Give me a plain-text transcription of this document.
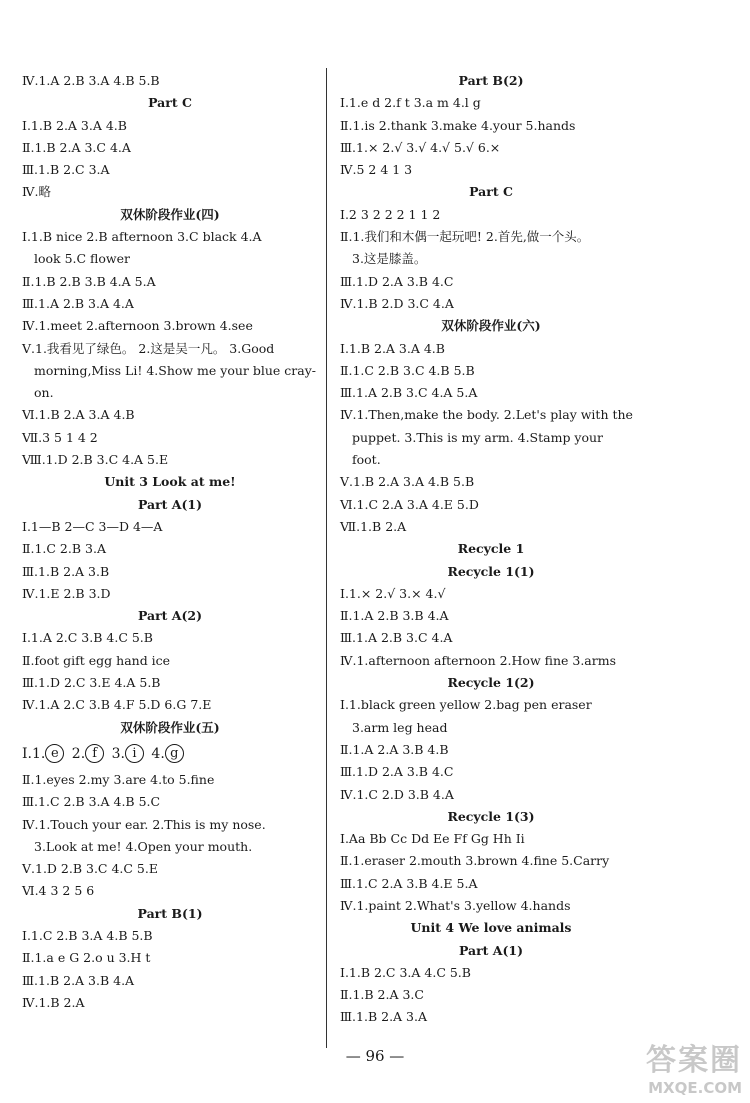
Ⅳ.1.A 2.B 3.A 4.B 5.B
Part C
Ⅰ.1.B 2.A 3.A 4.B
Ⅱ.1.B 2.A 3.C 4.A
Ⅲ.1.B 2.C 3.A
Ⅳ.略
双休阶段作业(四)
Ⅰ.1.B nice 2.B afternoon 3.C black 4.A
look 5.C flower
Ⅱ.1.B 2.B 3.B 4.A 5.A
Ⅲ.1.A 2.B 3.A 4.A
Ⅳ.1.meet 2.afternoon 3.brown 4.see
Ⅴ.1.我看见了绿色。 2.这是吴一凡。 3.Good
morning,Miss Li! 4.Show me your blue cray-
on.
Ⅵ.1.B 2.A 3.A 4.B
Ⅶ.3 5 1 4 2
Ⅷ.1.D 2.B 3.C 4.A 5.E
Unit 3 Look at me!
Part A(1)
Ⅰ.1—B 2—C 3—D 4—A
Ⅱ.1.C 2.B 3.A
Ⅲ.1.B 2.A 3.B
Ⅳ.1.E 2.B 3.D
Part A(2)
Ⅰ.1.A 2.C 3.B 4.C 5.B
Ⅱ.foot gift egg hand ice
Ⅲ.1.D 2.C 3.E 4.A 5.B
Ⅳ.1.A 2.C 3.B 4.F 5.D 6.G 7.E
双休阶段作业(五)
Ⅰ.1. e 2. f 3. i 4. g
Ⅱ.1.eyes 2.my 3.are 4.to 5.fine
Ⅲ.1.C 2.B 3.A 4.B 5.C
Ⅳ.1.Touch your ear. 2.This is my nose.
3.Look at me! 4.Open your mouth.
Ⅴ.1.D 2.B 3.C 4.C 5.E
Ⅵ.4 3 2 5 6
Part B(1)
Ⅰ.1.C 2.B 3.A 4.B 5.B
Ⅱ.1.a e G 2.o u 3.H t
Ⅲ.1.B 2.A 3.B 4.A
Ⅳ.1.B 2.A
Part B(2)
Ⅰ.1.e d 2.f t 3.a m 4.l g
Ⅱ.1.is 2.thank 3.make 4.your 5.hands
Ⅲ.1.× 2.√ 3.√ 4.√ 5.√ 6.×
Ⅳ.5 2 4 1 3
Part C
Ⅰ.2 3 2 2 2 1 1 2
Ⅱ.1.我们和木偶一起玩吧! 2.首先,做一个头。
3.这是膝盖。
Ⅲ.1.D 2.A 3.B 4.C
Ⅳ.1.B 2.D 3.C 4.A
双休阶段作业(六)
Ⅰ.1.B 2.A 3.A 4.B
Ⅱ.1.C 2.B 3.C 4.B 5.B
Ⅲ.1.A 2.B 3.C 4.A 5.A
Ⅳ.1.Then,make the body. 2.Let's play with the
puppet. 3.This is my arm. 4.Stamp your
foot.
Ⅴ.1.B 2.A 3.A 4.B 5.B
Ⅵ.1.C 2.A 3.A 4.E 5.D
Ⅶ.1.B 2.A
Recycle 1
Recycle 1(1)
Ⅰ.1.× 2.√ 3.× 4.√
Ⅱ.1.A 2.B 3.B 4.A
Ⅲ.1.A 2.B 3.C 4.A
Ⅳ.1.afternoon afternoon 2.How fine 3.arms
Recycle 1(2)
Ⅰ.1.black green yellow 2.bag pen eraser
3.arm leg head
Ⅱ.1.A 2.A 3.B 4.B
Ⅲ.1.D 2.A 3.B 4.C
Ⅳ.1.C 2.D 3.B 4.A
Recycle 1(3)
Ⅰ.Aa Bb Cc Dd Ee Ff Gg Hh Ii
Ⅱ.1.eraser 2.mouth 3.brown 4.fine 5.Carry
Ⅲ.1.C 2.A 3.B 4.E 5.A
Ⅳ.1.paint 2.What's 3.yellow 4.hands
Unit 4 We love animals
Part A(1)
Ⅰ.1.B 2.C 3.A 4.C 5.B
Ⅱ.1.B 2.A 3.C
Ⅲ.1.B 2.A 3.A
— 96 —	答案圈
MXQE.COM
